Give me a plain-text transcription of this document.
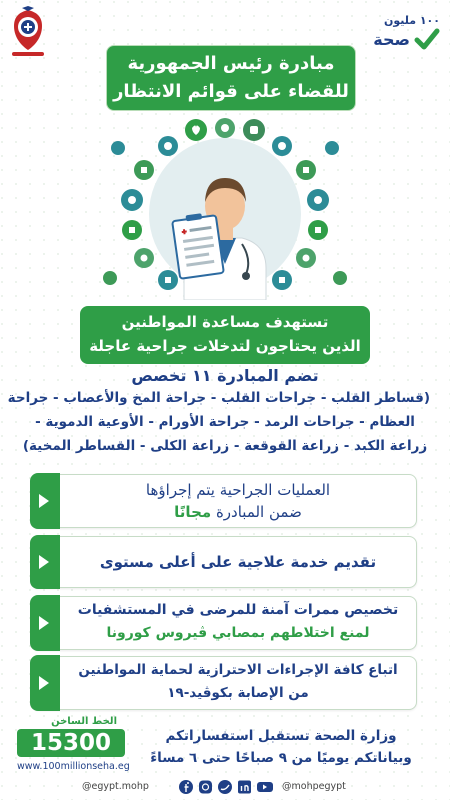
١٠٠ مليون
صحة
مبادرة رئيس الجمهورية
للقضاء على قوائم الانتظار
تستهدف مساعدة المواطنين
الذين يحتاجون لتدخلات جراحية عاجلة
تضم المبادرة ١١ تخصص
(قساطر القلب - جراحات القلب - جراحة المخ والأعصاب - جراحة
العظام - جراحات الرمد - جراحة الأورام - الأوعية الدموية -
زراعة الكبد - زراعة القوقعة - زراعة الكلى - القساطر المخية)
العمليات الجراحية يتم إجراؤها
ضمن المبادرة مجانًا
تقديم خدمة علاجية على أعلى مستوى
تخصيص ممرات آمنة للمرضى في المستشفيات
لمنع اختلاطهم بمصابي ڤيروس كورونا
اتباع كافة الإجراءات الاحترازية لحماية المواطنين
من الإصابة بكوڤيد-١٩
الخط الساخن
15300
www.100millionseha.eg
وزارة الصحة تستقبل استفساراتكم
وبياناتكم يوميًا من ٩ صباحًا حتى ٦ مساءً
@egypt.mohp	@mohpegypt
